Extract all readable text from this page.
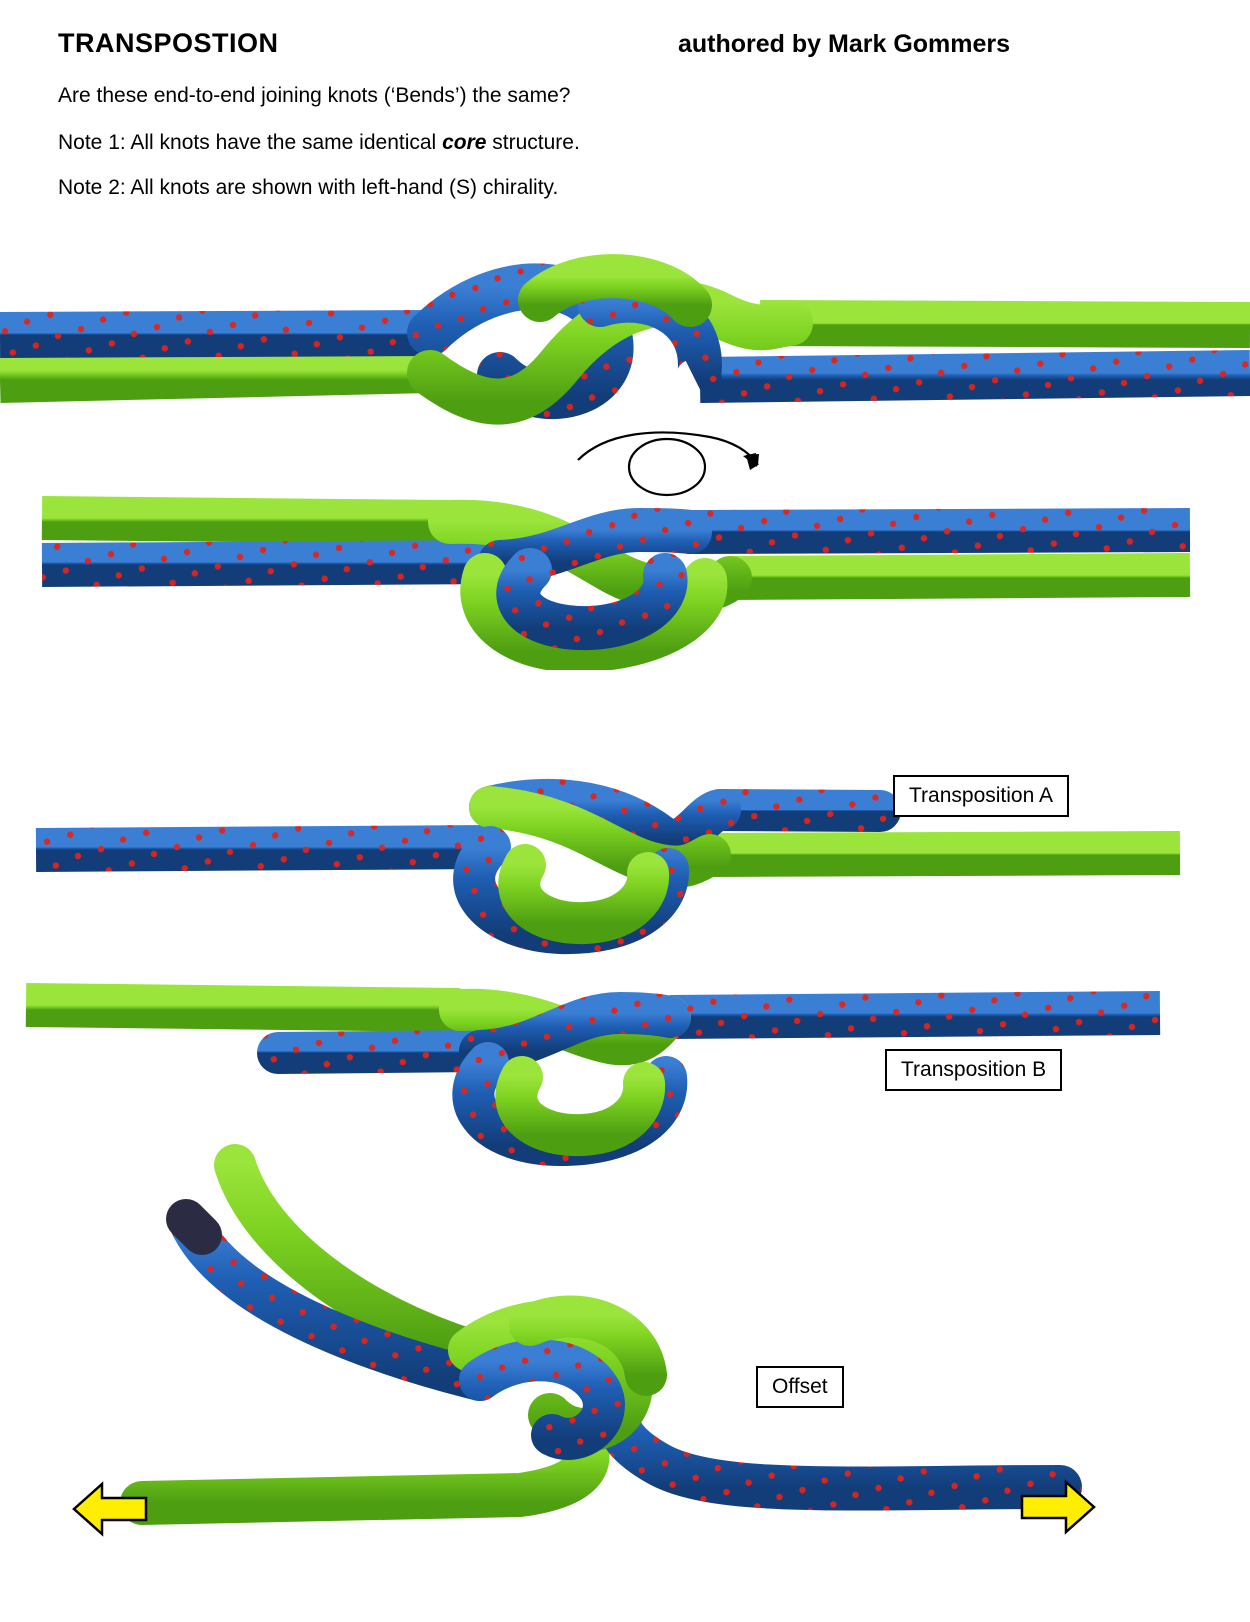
TRANSPOSTION	authored by Mark Gommers
Are these end-to-end joining knots (‘Bends’) the same?
Note 1: All knots have the same identical core structure.
Note 2: All knots are shown with left-hand (S) chirality.
Transposition A
Transposition B
Offset
